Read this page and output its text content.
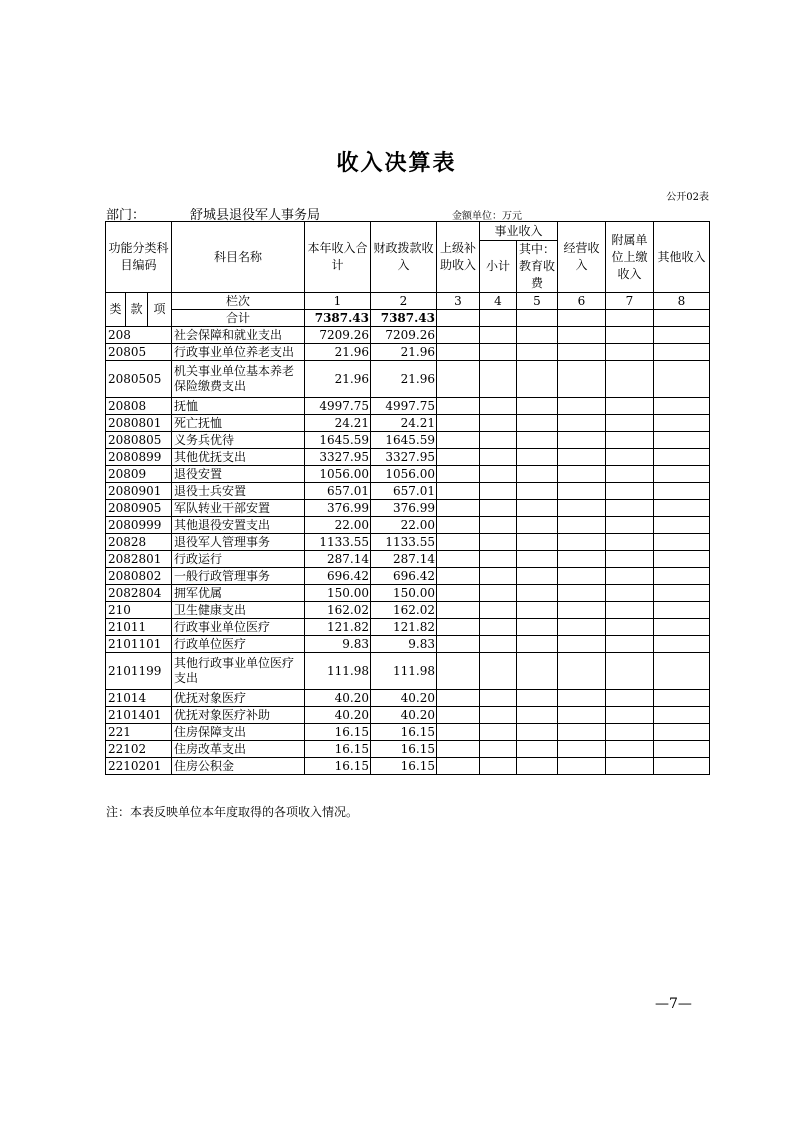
收入决算表
公开02表
部门：	舒城县退役军人事务局	金额单位：万元
功能分类科目编码			科目名称	本年收入合计	财政拨款收入	上级补助收入	事业收入		经营收入	附属单位上缴收入	其他收入
							小计	其中：教育收费			
类	款	项	栏次	1	2	3	4	5	6	7	8
			合计	7387.43	7387.43						
208			社会保障和就业支出	7209.26	7209.26						
20805			行政事业单位养老支出	21.96	21.96						
2080505			机关事业单位基本养老保险缴费支出	21.96	21.96						
20808			抚恤	4997.75	4997.75						
2080801			死亡抚恤	24.21	24.21						
2080805			义务兵优待	1645.59	1645.59						
2080899			其他优抚支出	3327.95	3327.95						
20809			退役安置	1056.00	1056.00						
2080901			退役士兵安置	657.01	657.01						
2080905			军队转业干部安置	376.99	376.99						
2080999			其他退役安置支出	22.00	22.00						
20828			退役军人管理事务	1133.55	1133.55						
2082801			行政运行	287.14	287.14						
2080802			一般行政管理事务	696.42	696.42						
2082804			拥军优属	150.00	150.00						
210			卫生健康支出	162.02	162.02						
21011			行政事业单位医疗	121.82	121.82						
2101101			行政单位医疗	9.83	9.83						
2101199			其他行政事业单位医疗支出	111.98	111.98						
21014			优抚对象医疗	40.20	40.20						
2101401			优抚对象医疗补助	40.20	40.20						
221			住房保障支出	16.15	16.15						
22102			住房改革支出	16.15	16.15						
2210201			住房公积金	16.15	16.15						
注：本表反映单位本年度取得的各项收入情况。
—7—
